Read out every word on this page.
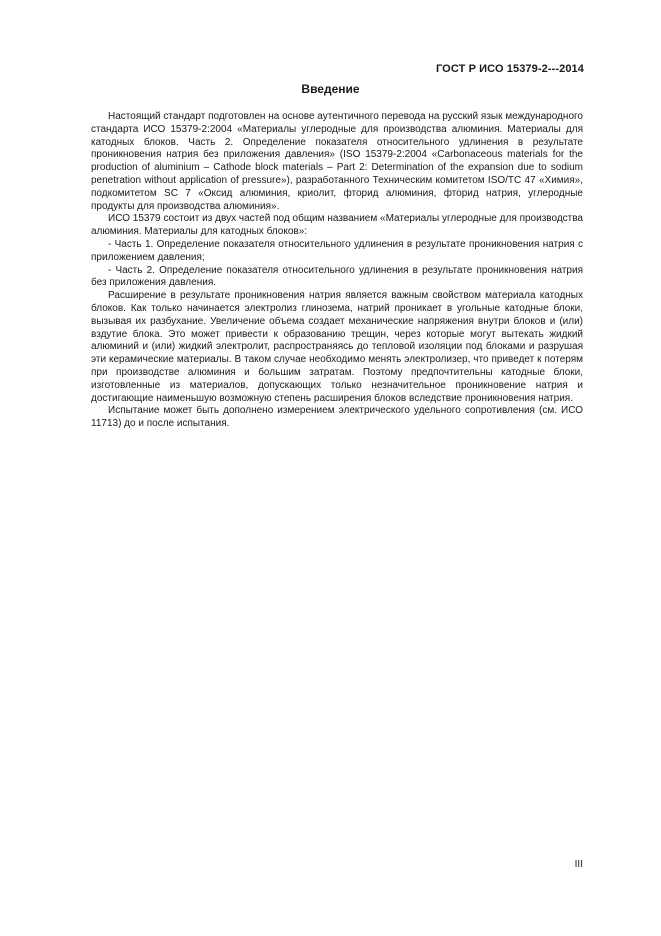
ГОСТ Р ИСО 15379-2---2014
Введение

Настоящий стандарт подготовлен на основе аутентичного перевода на русский язык международного стандарта ИСО 15379-2:2004 «Материалы углеродные для производства алюминия. Материалы для катодных блоков. Часть 2. Определение показателя относительного удлинения в результате проникновения натрия без приложения давления» (ISO 15379-2:2004 «Carbonaceous materials for the production of aluminium – Cathode block materials – Part 2: Determination of the expansion due to sodium penetration without application of pressure»), разработанного Техническим комитетом ISO/TC 47 «Химия», подкомитетом SC 7 «Оксид алюминия, криолит, фторид алюминия, фторид натрия, углеродные продукты для производства алюминия».

ИСО 15379 состоит из двух частей под общим названием «Материалы углеродные для производства алюминия. Материалы для катодных блоков»:

- Часть 1. Определение показателя относительного удлинения в результате проникновения натрия с приложением давления;

- Часть 2. Определение показателя относительного удлинения в результате проникновения натрия без приложения давления.

Расширение в результате проникновения натрия является важным свойством материала катодных блоков. Как только начинается электролиз глинозема, натрий проникает в угольные катодные блоки, вызывая их разбухание. Увеличение объема создает механические напряжения внутри блоков и (или) вздутие блока. Это может привести к образованию трещин, через которые могут вытекать жидкий алюминий и (или) жидкий электролит, распространяясь до тепловой изоляции под блоками и разрушая эти керамические материалы. В таком случае необходимо менять электролизер, что приведет к потерям при производстве алюминия и большим затратам. Поэтому предпочтительны катодные блоки, изготовленные из материалов, допускающих только незначительное проникновение натрия и достигающие наименьшую возможную степень расширения блоков вследствие проникновения натрия.

Испытание может быть дополнено измерением электрического удельного сопротивления (см. ИСО 11713) до и после испытания.

III
